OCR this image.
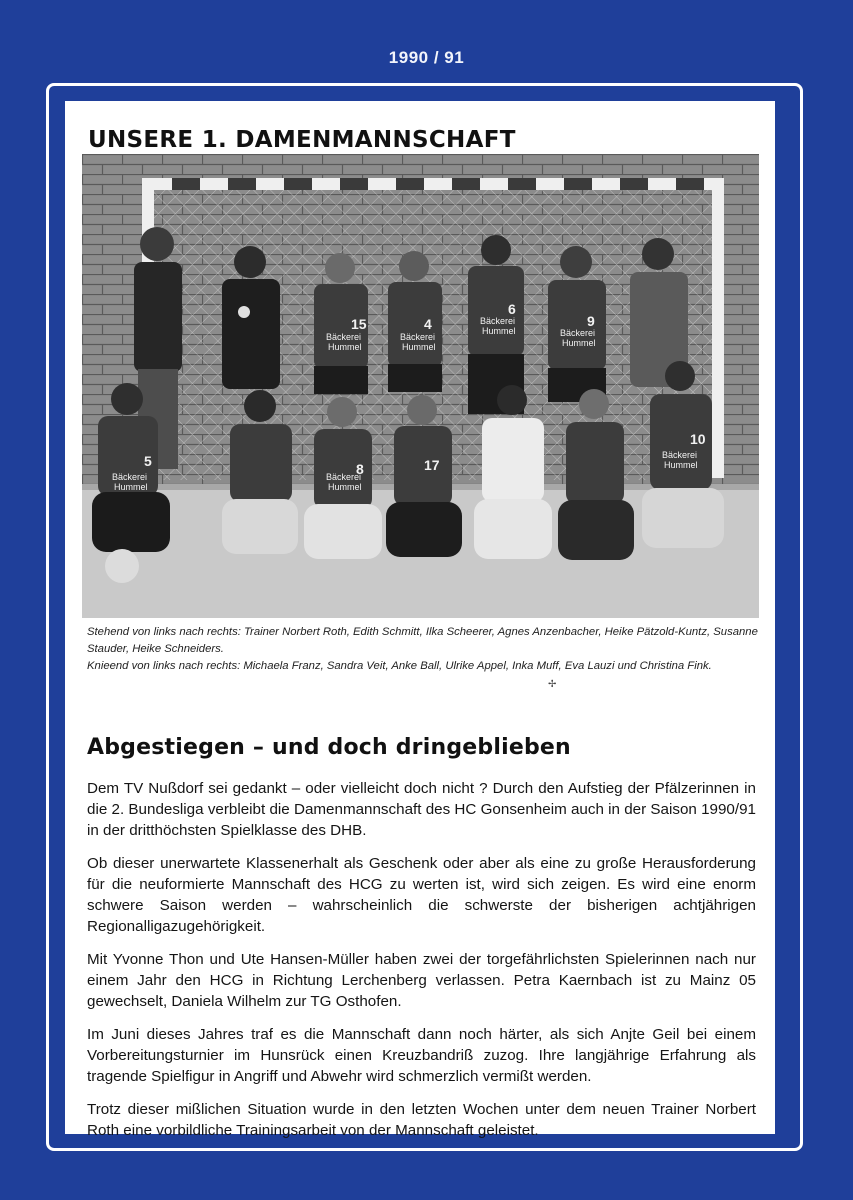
1990 / 91
UNSERE 1. DAMENMANNSCHAFT
15	4
6
9
Bäckerei
Hummel
Bäckerei
Hummel
Bäckerei
Hummel	Bäckerei
Hummel
5	8	17
10
Bäckerei
Hummel
Bäckerei
Hummel
Bäckerei
Hummel

Stehend von links nach rechts: Trainer Norbert Roth, Edith Schmitt, Ilka Scheerer, Agnes Anzenbacher, Heike Pätzold-Kuntz, Susanne Stauder, Heike Schneiders.

Knieend von links nach rechts: Michaela Franz, Sandra Veit, Anke Ball, Ulrike Appel, Inka Muff, Eva Lauzi und Christina Fink.

✢
Abgestiegen – und doch dringeblieben

Dem TV Nußdorf sei gedankt – oder vielleicht doch nicht ? Durch den Aufstieg der Pfälzerinnen in die 2. Bundesliga verbleibt die Damenmannschaft des HC Gonsenheim auch in der Saison 1990/91 in der dritthöchsten Spielklasse des DHB.

Ob dieser unerwartete Klassenerhalt als Geschenk oder aber als eine zu große Herausforderung für die neuformierte Mannschaft des HCG zu werten ist, wird sich zeigen. Es wird eine enorm schwere Saison werden – wahrscheinlich die schwerste der bisherigen achtjährigen Regionalligazugehörigkeit.

Mit Yvonne Thon und Ute Hansen-Müller haben zwei der torgefährlichsten Spielerinnen nach nur einem Jahr den HCG in Richtung Lerchenberg verlassen. Petra Kaernbach ist zu Mainz 05 gewechselt, Daniela Wilhelm zur TG Osthofen.

Im Juni dieses Jahres traf es die Mannschaft dann noch härter, als sich Anjte Geil bei einem Vorbereitungsturnier im Hunsrück einen Kreuzbandriß zuzog. Ihre langjährige Erfahrung als tragende Spielfigur in Angriff und Abwehr wird schmerzlich vermißt werden.

Trotz dieser mißlichen Situation wurde in den letzten Wochen unter dem neuen Trainer Norbert Roth eine vorbildliche Trainingsarbeit von der Mannschaft geleistet.
